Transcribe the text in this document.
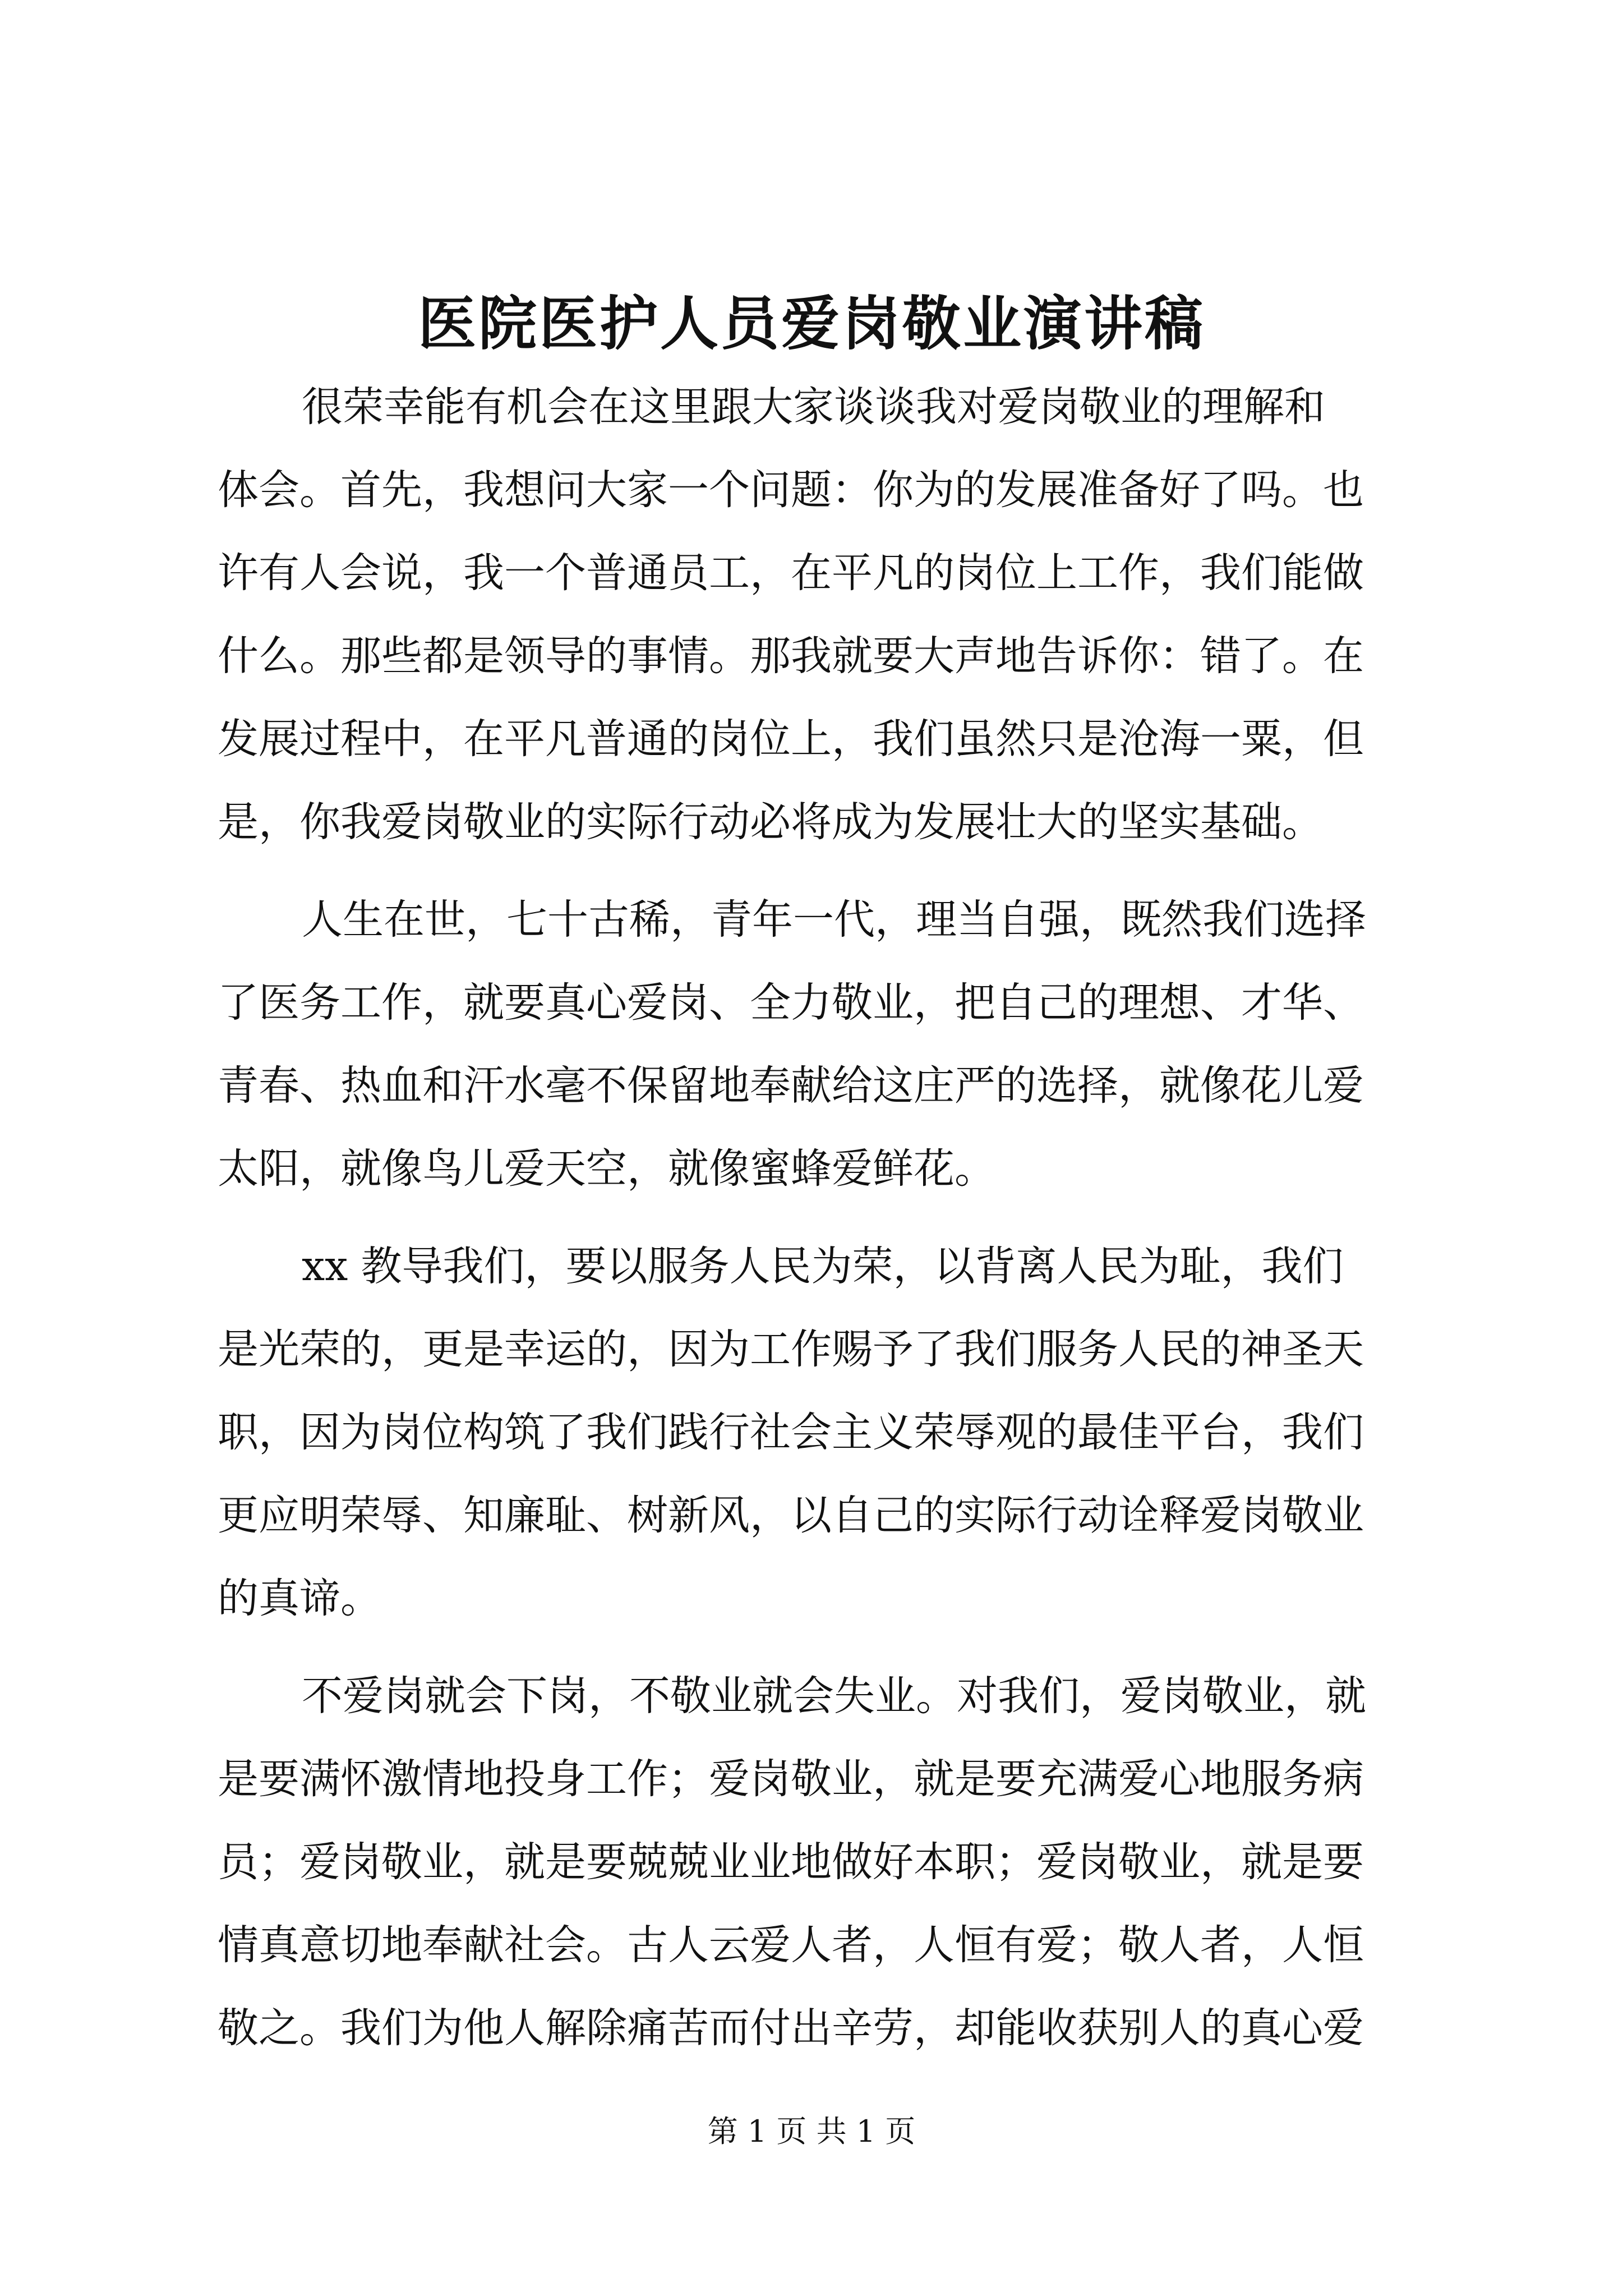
医院医护人员爱岗敬业演讲稿
很荣幸能有机会在这里跟大家谈谈我对爱岗敬业的理解和
体会。首先，我想问大家一个问题：你为的发展准备好了吗。也
许有人会说，我一个普通员工，在平凡的岗位上工作，我们能做
什么。那些都是领导的事情。那我就要大声地告诉你：错了。在
发展过程中，在平凡普通的岗位上，我们虽然只是沧海一粟，但
是，你我爱岗敬业的实际行动必将成为发展壮大的坚实基础。
人生在世，七十古稀，青年一代，理当自强，既然我们选择
了医务工作，就要真心爱岗、全力敬业，把自己的理想、才华、
青春、热血和汗水毫不保留地奉献给这庄严的选择，就像花儿爱
太阳，就像鸟儿爱天空，就像蜜蜂爱鲜花。
xx 教导我们，要以服务人民为荣，以背离人民为耻，我们
是光荣的，更是幸运的，因为工作赐予了我们服务人民的神圣天
职，因为岗位构筑了我们践行社会主义荣辱观的最佳平台，我们
更应明荣辱、知廉耻、树新风，以自己的实际行动诠释爱岗敬业
的真谛。
不爱岗就会下岗，不敬业就会失业。对我们，爱岗敬业，就
是要满怀激情地投身工作；爱岗敬业，就是要充满爱心地服务病
员；爱岗敬业，就是要兢兢业业地做好本职；爱岗敬业，就是要
情真意切地奉献社会。古人云爱人者，人恒有爱；敬人者，人恒
敬之。我们为他人解除痛苦而付出辛劳，却能收获别人的真心爱
第 1 页 共 1 页
